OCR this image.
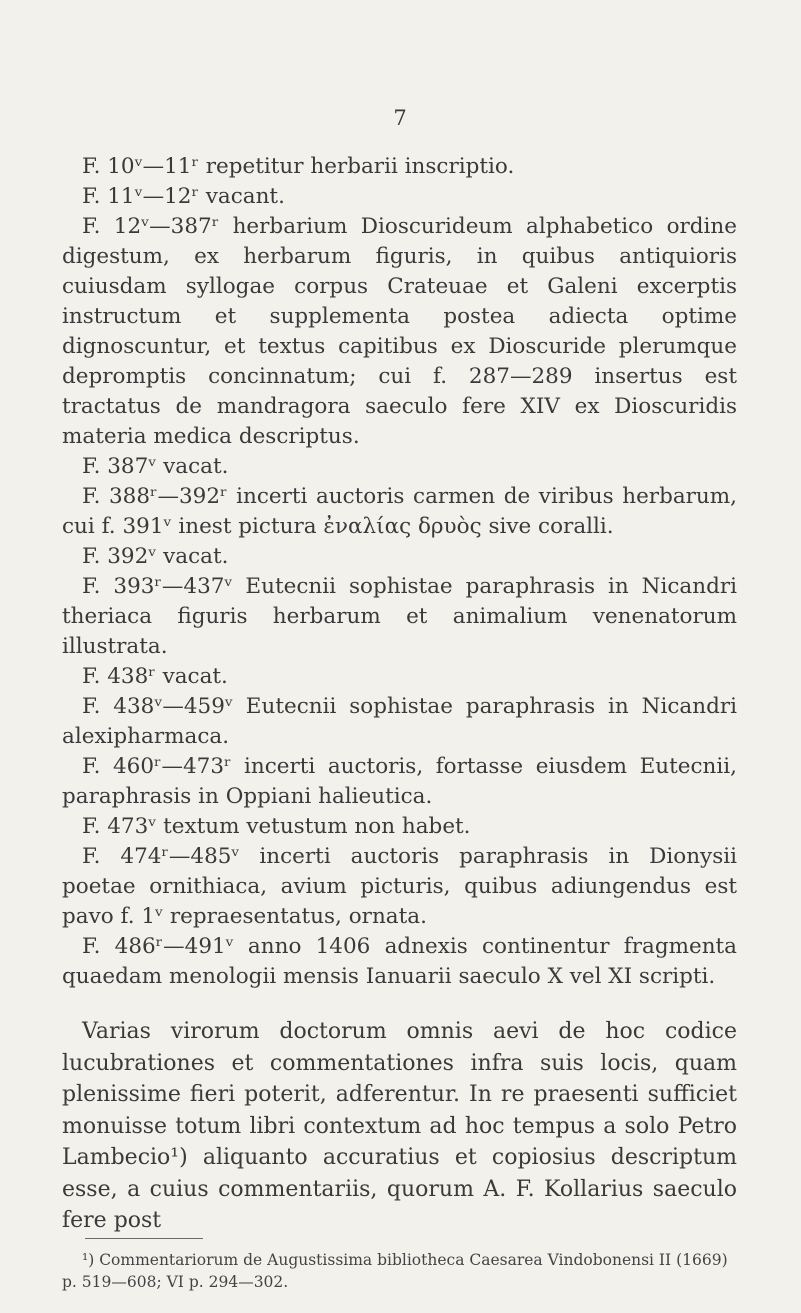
7

F. 10ᵛ—11ʳ repetitur herbarii inscriptio.

F. 11ᵛ—12ʳ vacant.

F. 12ᵛ—387ʳ herbarium Dioscurideum alphabetico ordine digestum, ex herbarum figuris, in quibus antiquioris cuiusdam syllogae corpus Crateuae et Galeni excerptis instructum et supplementa postea adiecta optime dignoscuntur, et textus capitibus ex Dioscuride plerumque depromptis concinnatum; cui f. 287—289 insertus est tractatus de mandragora saeculo fere XIV ex Dioscuridis materia medica descriptus.

F. 387ᵛ vacat.

F. 388ʳ—392ʳ incerti auctoris carmen de viribus herbarum, cui f. 391ᵛ inest pictura ἐναλίας δρυὸς sive coralli.

F. 392ᵛ vacat.

F. 393ʳ—437ᵛ Eutecnii sophistae paraphrasis in Nicandri theriaca figuris herbarum et animalium venenatorum illustrata.

F. 438ʳ vacat.

F. 438ᵛ—459ᵛ Eutecnii sophistae paraphrasis in Nicandri alexipharmaca.

F. 460ʳ—473ʳ incerti auctoris, fortasse eiusdem Eutecnii, paraphrasis in Oppiani halieutica.

F. 473ᵛ textum vetustum non habet.

F. 474ʳ—485ᵛ incerti auctoris paraphrasis in Dionysii poetae ornithiaca, avium picturis, quibus adiungendus est pavo f. 1ᵛ repraesentatus, ornata.

F. 486ʳ—491ᵛ anno 1406 adnexis continentur fragmenta quaedam menologii mensis Ianuarii saeculo X vel XI scripti.

Varias virorum doctorum omnis aevi de hoc codice lucubrationes et commentationes infra suis locis, quam plenissime fieri poterit, adferentur. In re praesenti sufficiet monuisse totum libri contextum ad hoc tempus a solo Petro Lambecio¹) aliquanto accuratius et copiosius descriptum esse, a cuius commentariis, quorum A. F. Kollarius saeculo fere post

¹) Commentariorum de Augustissima bibliotheca Caesarea Vindobonensi II (1669) p. 519—608; VI p. 294—302.
